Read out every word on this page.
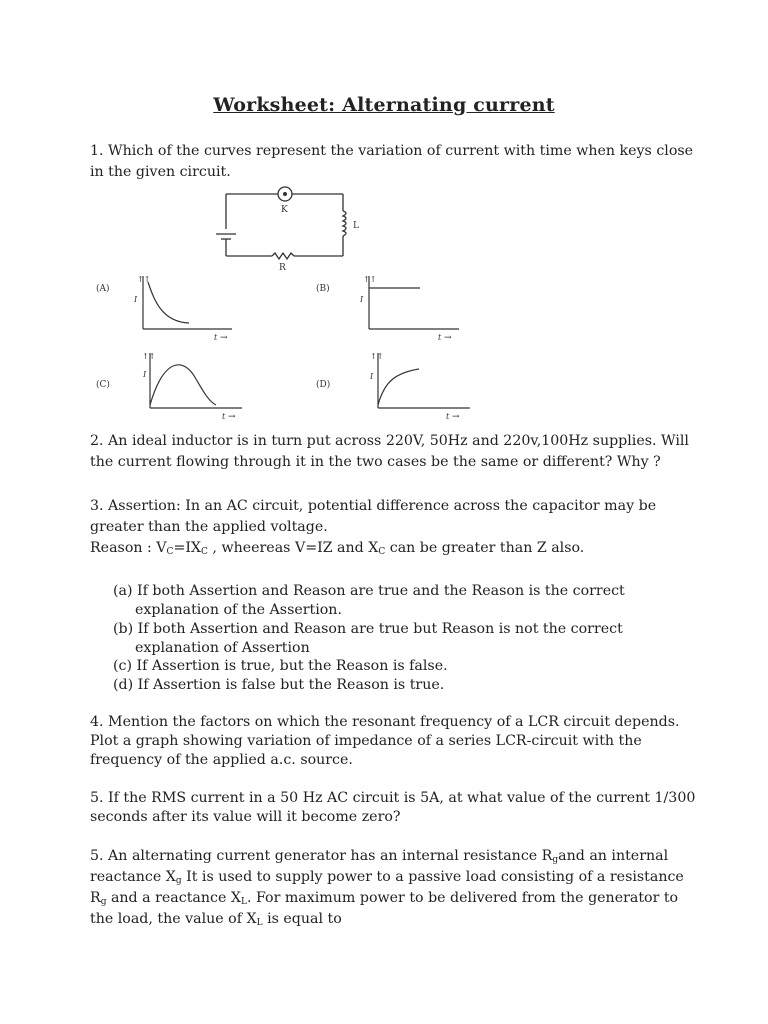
Worksheet: Alternating current

1. Which of the curves represent the variation of current with time when keys close in the given circuit.

K
L
R
(A)
↑↑
I
t →
(B)
↑↑
I
t →
(C)
↑↑
I
t →
(D)
↑↑
I
t →

2. An ideal inductor is in turn put across 220V, 50Hz and 220v,100Hz supplies. Will the current flowing through it in the two cases be the same or different? Why ?

3. Assertion: In an AC circuit, potential difference across the capacitor may be greater than the applied voltage.

Reason : $V_C=IX_C$ , wheereas V=IZ and $X_C$ can be greater than Z also.

(a) If both Assertion and Reason are true and the Reason is the correct explanation of the Assertion.

(b) If both Assertion and Reason are true but Reason is not the correct explanation of Assertion

(c) If Assertion is true, but the Reason is false.

(d) If Assertion is false but the Reason is true.

4. Mention the factors on which the resonant frequency of a LCR circuit depends. Plot a graph showing variation of impedance of a series LCR-circuit with the frequency of the applied a.c. source.

5. If the RMS current in a 50 Hz AC circuit is 5A, at what value of the current 1/300 seconds after its value will it become zero?

5. An alternating current generator has an internal resistance $R_gand$ an internal reactance $X_g$ It is used to supply power to a passive load consisting of a resistance $R_g$ and a reactance $X_L$. For maximum power to be delivered from the generator to the load, the value of $X_L$ is equal to
